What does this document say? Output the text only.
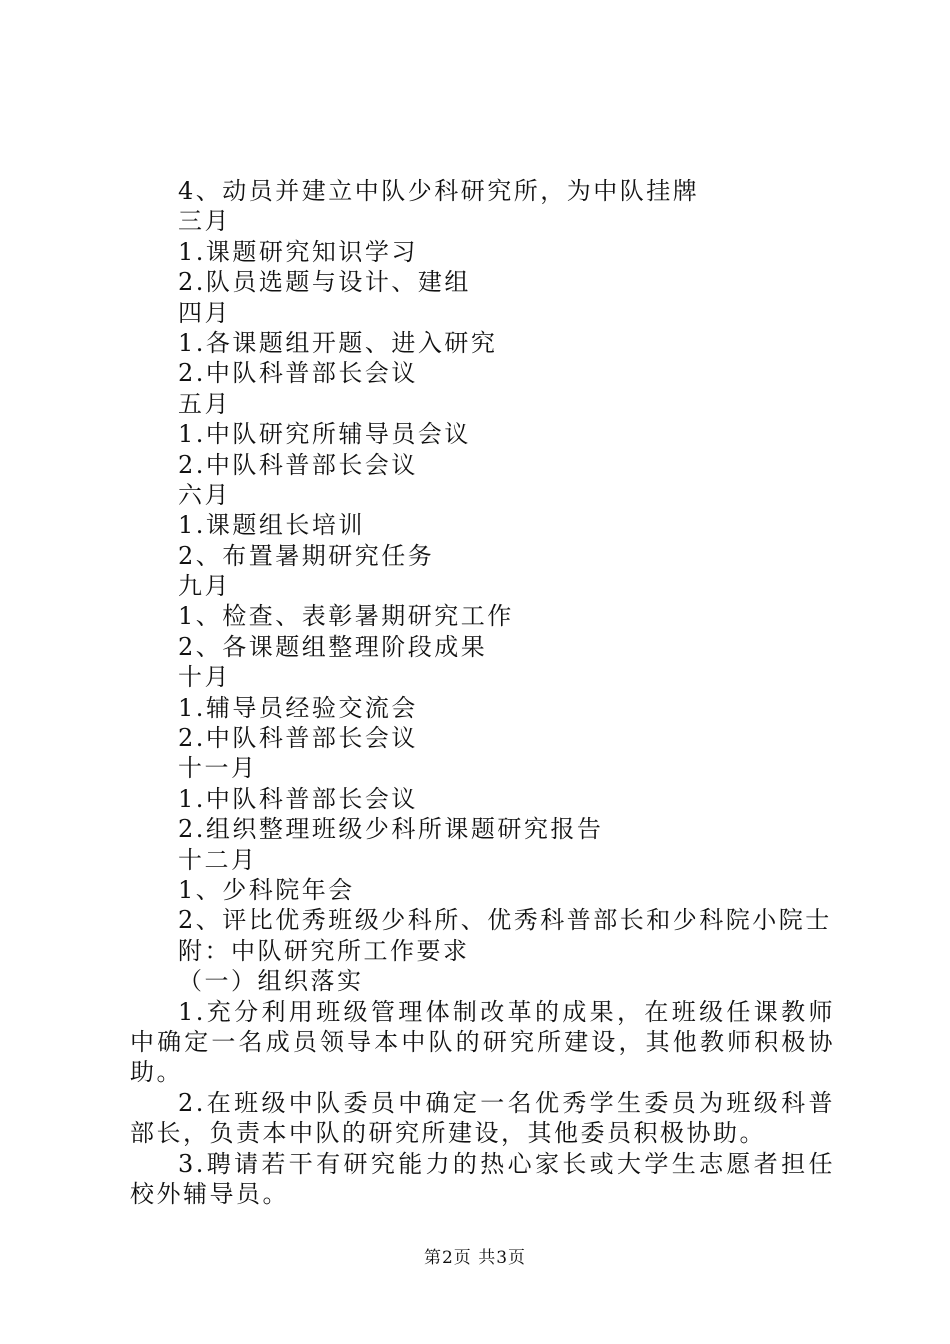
4、动员并建立中队少科研究所，为中队挂牌
三月
1.课题研究知识学习
2.队员选题与设计、建组
四月
1.各课题组开题、进入研究
2.中队科普部长会议
五月
1.中队研究所辅导员会议
2.中队科普部长会议
六月
1.课题组长培训
2、布置暑期研究任务
九月
1、检查、表彰暑期研究工作
2、各课题组整理阶段成果
十月
1.辅导员经验交流会
2.中队科普部长会议
十一月
1.中队科普部长会议
2.组织整理班级少科所课题研究报告
十二月
1、少科院年会
2、评比优秀班级少科所、优秀科普部长和少科院小院士
附：中队研究所工作要求
（一）组织落实
1.充分利用班级管理体制改革的成果，在班级任课教师中确定一名成员领导本中队的研究所建设，其他教师积极协助。
2.在班级中队委员中确定一名优秀学生委员为班级科普部长，负责本中队的研究所建设，其他委员积极协助。
3.聘请若干有研究能力的热心家长或大学生志愿者担任校外辅导员。
第2页 共3页
